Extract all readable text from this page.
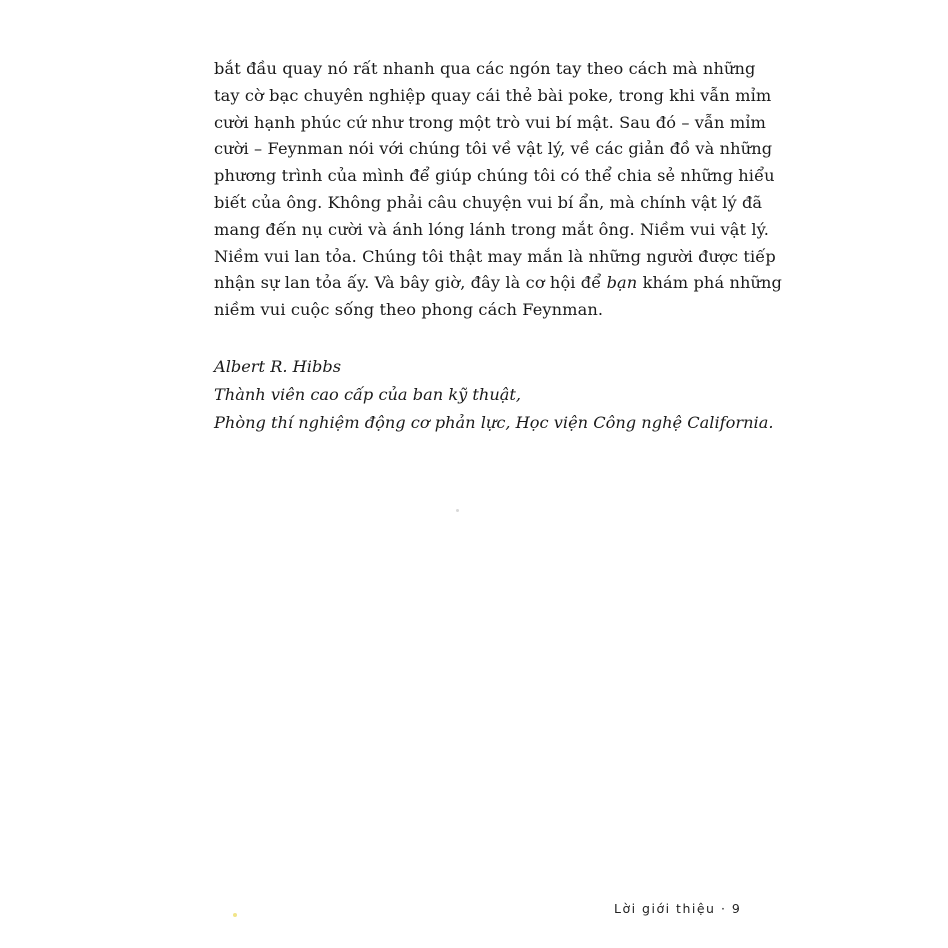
bắt đầu quay nó rất nhanh qua các ngón tay theo cách mà những
tay cờ bạc chuyên nghiệp quay cái thẻ bài poke, trong khi vẫn mỉm
cười hạnh phúc cứ như trong một trò vui bí mật. Sau đó – vẫn mỉm
cười – Feynman nói với chúng tôi về vật lý, về các giản đồ và những
phương trình của mình để giúp chúng tôi có thể chia sẻ những hiểu
biết của ông. Không phải câu chuyện vui bí ẩn, mà chính vật lý đã
mang đến nụ cười và ánh lóng lánh trong mắt ông. Niềm vui vật lý.
Niềm vui lan tỏa. Chúng tôi thật may mắn là những người được tiếp
nhận sự lan tỏa ấy. Và bây giờ, đây là cơ hội để bạn khám phá những
niềm vui cuộc sống theo phong cách Feynman.
Albert R. Hibbs
Thành viên cao cấp của ban kỹ thuật,
Phòng thí nghiệm động cơ phản lực, Học viện Công nghệ California.
Lời giới thiệu · 9
